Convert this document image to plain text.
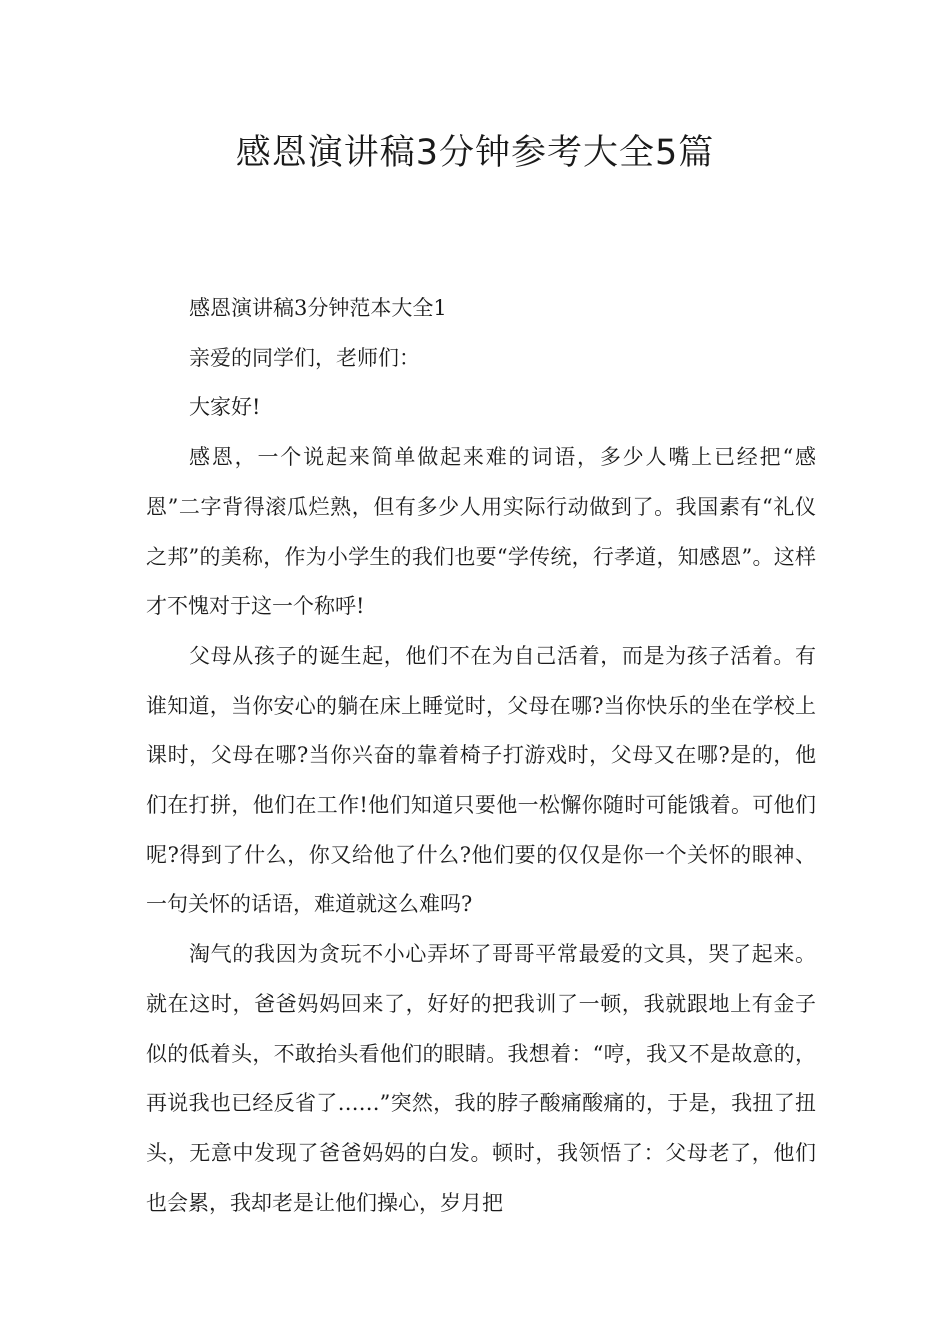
感恩演讲稿3分钟参考大全5篇

感恩演讲稿3分钟范本大全1

亲爱的同学们，老师们：

大家好!

感恩，一个说起来简单做起来难的词语，多少人嘴上已经把“感恩”二字背得滚瓜烂熟，但有多少人用实际行动做到了。我国素有“礼仪之邦”的美称，作为小学生的我们也要“学传统，行孝道，知感恩”。这样才不愧对于这一个称呼!

父母从孩子的诞生起，他们不在为自己活着，而是为孩子活着。有谁知道，当你安心的躺在床上睡觉时，父母在哪?当你快乐的坐在学校上课时，父母在哪?当你兴奋的靠着椅子打游戏时，父母又在哪?是的，他们在打拼，他们在工作!他们知道只要他一松懈你随时可能饿着。可他们呢?得到了什么，你又给他了什么?他们要的仅仅是你一个关怀的眼神、一句关怀的话语，难道就这么难吗?

淘气的我因为贪玩不小心弄坏了哥哥平常最爱的文具，哭了起来。就在这时，爸爸妈妈回来了，好好的把我训了一顿，我就跟地上有金子似的低着头，不敢抬头看他们的眼睛。我想着：“哼，我又不是故意的，再说我也已经反省了……”突然，我的脖子酸痛酸痛的，于是，我扭了扭头，无意中发现了爸爸妈妈的白发。顿时，我领悟了：父母老了，他们也会累，我却老是让他们操心，岁月把
